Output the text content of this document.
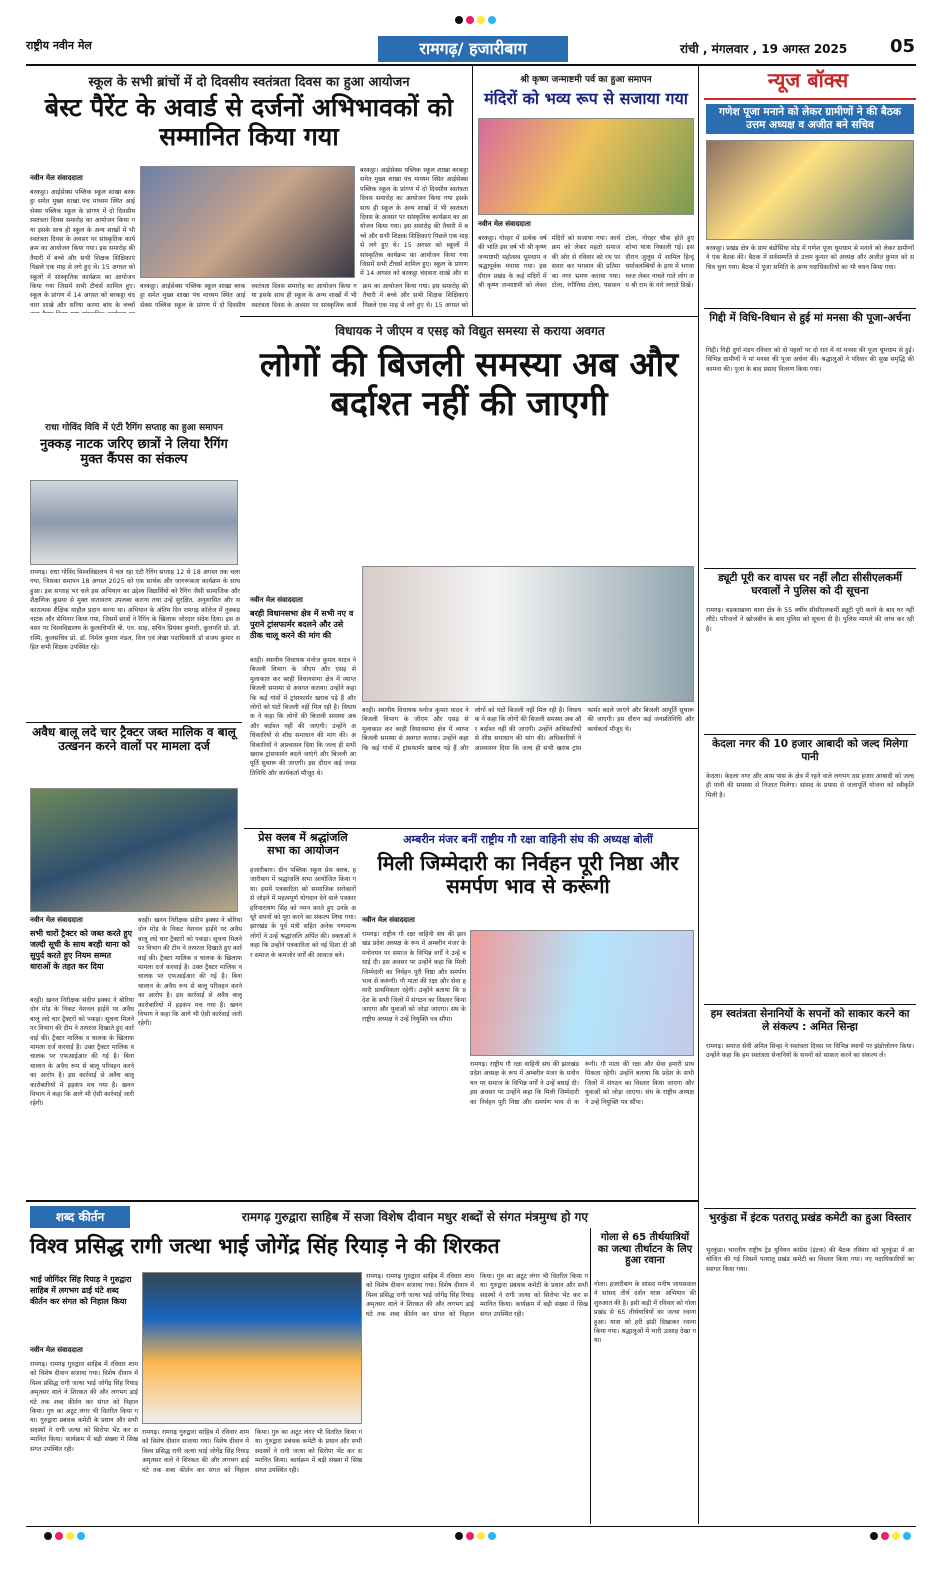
राष्ट्रीय नवीन मेल	रामगढ़/ हजारीबाग	रांची , मंगलवार , 19 अगस्त 2025 05
स्कूल के सभी ब्रांचों में दो दिवसीय स्वतंत्रता दिवस का हुआ आयोजन
बेस्ट पैरेंट के अवार्ड से दर्जनों अभिभावकों को सम्मानित किया गया
नवीन मेल संवाददाता
बरकट्ठा। आईसेक्स पब्लिक स्कूल शाखा बरकट्ठा समेत मुख्य शाखा पंच माध्यम स्थित आईसेक्स पब्लिक स्कूल के प्रांगण में दो दिवसीय स्वतंत्रता दिवस समारोह का आयोजन किया गया इसके साथ ही स्कूल के अन्य शाखों में भी स्वतंत्रता दिवस के अवसर पर सांस्कृतिक कार्यक्रम का आयोजन किया गया। इस समारोह की तैयारी में बच्चे और सभी शिक्षक शिक्षिकाएं पिछले एक माह से लगे हुए थे। 15 अगस्त को स्कूलों में सांस्कृतिक कार्यक्रम का आयोजन किया गया जिसमें सभी टीचर्स शामिल हुए। स्कूल के प्रांगण में 14 अगस्त को बरकट्ठा चंदवारा शाखे और सरिया करमा बांध के बच्चों
बरकट्ठा। आईसेक्स पब्लिक स्कूल शाखा बरकट्ठा समेत मुख्य शाखा पंच माध्यम स्थित आईसेक्स पब्लिक स्कूल के प्रांगण में दो दिवसीय स्वतंत्रता दिवस समारोह का आयोजन किया गया इसके साथ ही स्कूल के अन्य शाखों में भी स्वतंत्रता दिवस के अवसर पर सांस्कृतिक कार्यक्रम का आयोजन किया गया। इस समारोह की तैयारी में बच्चे और सभी शिक्षक शिक्षिकाएं पिछले एक माह से लगे हुए थे। 15 अगस्त को
बरकट्ठा। आईसेक्स पब्लिक स्कूल शाखा बरकट्ठा समेत मुख्य शाखा पंच माध्यम स्थित आईसेक्स पब्लिक स्कूल के प्रांगण में दो दिवसीय स्वतंत्रता दिवस समारोह का आयोजन किया गया इसके साथ ही स्कूल के अन्य शाखों में भी स्वतंत्रता दिवस के अवसर पर सांस्कृतिक कार्यक्रम का आयोजन किया गया। इस समारोह की तैयारी में बच्चे और सभी शिक्षक शिक्षिकाएं पिछले एक माह से लगे हुए थे। 15 अगस्त को स्कूलों में सांस्कृतिक कार्यक्रम का आयोजन किया गया जिसमें सभी टीचर्स शामिल हुए। स्कूल के प्रांगण में 14 अगस्त को बरकट्ठा चंदवारा शाखे और स
श्री कृष्ण जन्माष्टमी पर्व का हुआ समापन
मंदिरों को भव्य रूप से सजाया गया
नवीन मेल संवाददाता
बरकट्ठा। गोरहर में प्रत्येक वर्ष की भांति इस वर्ष भी श्री कृष्ण जन्माष्टमी महोत्सव धूमधाम व श्रद्धापूर्वक मनाया गया। इस दौरान प्रखंड के कई मंदिरों में श्री कृष्ण जन्माष्टमी को लेकर मंदिरों को सजाया गया। कार्यक्रम को लेकर महतो समाज की ओर से रविवार को रथ पर सवार कर भगवान की प्रतिमा का नगर भ्रमण कराया गया। टोला, रंगीनिया टोला, पसवान टोला, गोरहर चौक होते हुए शोभा यात्रा निकाली गई। इस दौरान जुलूस में शामिल हिन्दू धर्मावलम्बियों के हाथ में भगवा ध्वज लेकर नाचते गाते लोग जय श्री राम के नारे लगाते दिखे।
विधायक ने जीएम व एसइ को विद्युत समस्या से कराया अवगत
लोगों की बिजली समस्या अब और बर्दाश्त नहीं की जाएगी
राधा गोविंद विवि में एंटी रैगिंग सप्ताह का हुआ समापन
नुक्कड़ नाटक जरिए छात्रों ने लिया रैगिंग मुक्त कैंपस का संकल्प
रामगढ़। राधा गोविंद विश्वविद्यालय में चल रहा एंटी रैगिंग सप्ताह 12 से 18 अगस्त तक चला गया, जिसका समापन 18 अगस्त 2025 को एक सार्थक और जागरूकता कार्यक्रम के साथ हुआ। इस सप्ताह भर चले इस अभियान का उद्देश्य विद्यार्थियों को रैगिंग जैसी सामाजिक और शैक्षणिक कुप्रथा से मुक्त वातावरण उपलब्ध कराना तथा उन्हें सुरक्षित, अनुशासित और सकारात्मक शैक्षिक माहौल प्रदान करना था। अभियान के अंतिम दिन रामगढ़ कॉलेज में नुक्कड़ नाटक और सेमिनार किया गया, जिसमें छात्रों ने रैगिंग के खिलाफ जोरदार संदेश दिया। इस अवसर पर विश्वविद्यालय के कुलाधिपति बी. एन. साह, सचिव प्रियंका कुमारी, कुलपति प्रो. डॉ. रश्मि, कुलसचिव प्रो. डॉ. निर्मल कुमार मंडल, वित्त एवं लेखा पदाधिकारी डॉ संजय कुमार सहित सभी शिक्षक उपस्थित रहे।
नवीन मेल संवाददाता
बरही विधानसभा क्षेत्र में सभी नए व पुराने ट्रांसफार्मर बदलने और उसे ठीक चालू करने की मांग की
बरही। स्थानीय विधायक मनोज कुमार यादव ने बिजली विभाग के जीएम और एसइ से मुलाकात कर बरही विधानसभा क्षेत्र में व्याप्त बिजली समस्या से अवगत कराया। उन्होंने कहा कि कई गांवों में ट्रांसफार्मर खराब पड़े हैं और लोगों को घंटों बिजली नहीं मिल रही है। विधायक ने कहा कि लोगों की बिजली समस्या अब और बर्दाश्त नहीं की जाएगी। उन्होंने अधिकारियों से शीघ्र समाधान की मांग की। अधिकारियों ने आश्वासन दिया कि जल्द ही सभी खराब ट्रांसफार्मर बदले जाएंगे और बिजली आपूर्ति सुचारू की जाएगी। इस दौरान कई जनप्रतिनिधि और कार्यकर्ता मौजूद थे।
बरही। स्थानीय विधायक मनोज कुमार यादव ने बिजली विभाग के जीएम और एसइ से मुलाकात कर बरही विधानसभा क्षेत्र में व्याप्त बिजली समस्या से अवगत कराया। उन्होंने कहा कि कई गांवों में ट्रांसफार्मर खराब पड़े हैं और लोगों को घंटों बिजली नहीं मिल रही है। विधायक ने कहा कि लोगों की बिजली समस्या अब और बर्दाश्त नहीं की जाएगी। उन्होंने अधिकारियों से शीघ्र समाधान की मांग की। अधिकारियों ने आश्वासन दिया कि जल्द ही सभी खराब ट्रांसफार्मर बदले जाएंगे और बिजली आपूर्ति सुचारू की जाएगी। इस दौरान कई जनप्रतिनिधि और कार्यकर्ता मौजूद थे।
अवैध बालू लदे चार ट्रैक्टर जब्त मालिक व बालू उत्खनन करने वालों पर मामला दर्ज
नवीन मेल संवाददाता
सभी चारों ट्रैक्टर को जब्त करते हुए जल्दी सूची के साथ बरही थाना को सुपुर्द करते हुए नियम सम्मत धाराओं के तहत कर दिया
बरही। खनन निरीक्षक संदीप इक्का ने बोरिया दोन मोड़ के निकट नेशनल हाईवे पर अवैध बालू लदे चार ट्रैक्टरों को पकड़ा। सूचना मिलने पर विभाग की टीम ने तत्परता दिखाते हुए कार्रवाई की। ट्रैक्टर मालिक व चालक के खिलाफ मामला दर्ज करवाई है। उक्त ट्रैक्टर मालिक व चालक पर एफआईआर की गई है। बिना चालान के अवैध रूप से बालू परिवहन करने का आरोप है। इस कार्रवाई से अवैध बालू कारोबारियों में हड़कंप मच गया है। खनन विभाग ने कहा कि आगे भी ऐसी कार्रवाई जारी रहेगी।
बरही। खनन निरीक्षक संदीप इक्का ने बोरिया दोन मोड़ के निकट नेशनल हाईवे पर अवैध बालू लदे चार ट्रैक्टरों को पकड़ा। सूचना मिलने पर विभाग की टीम ने तत्परता दिखाते हुए कार्रवाई की। ट्रैक्टर मालिक व चालक के खिलाफ मामला दर्ज करवाई है। उक्त ट्रैक्टर मालिक व चालक पर एफआईआर की गई है। बिना चालान के अवैध रूप से बालू परिवहन करने का आरोप है। इस कार्रवाई से अवैध बालू कारोबारियों में हड़कंप मच गया है। खनन विभाग ने कहा कि आगे भी ऐसी कार्रवाई जारी रहेगी।
प्रेस क्लब में श्रद्धांजलि सभा का आयोजन
हजारीबाग। ग्रीन पब्लिक स्कूल प्रेस क्लब, हजारीबाग में श्रद्धांजलि सभा आयोजित किया गया। इसमें पत्रकारिता को सामाजिक सरोकारों से जोड़ने में महत्वपूर्ण योगदान देने वाले पत्रकार हरिनारायण सिंह को नमन करते हुए उनके अधूरे सपनों को पूरा करने का संकल्प लिया गया। झारखंड के पूर्व मंत्री सहित अनेक गणमान्य लोगों ने उन्हें श्रद्धांजलि अर्पित की। वक्ताओं ने कहा कि उन्होंने पत्रकारिता को नई दिशा दी और समाज के कमजोर वर्गों की आवाज बने।
अम्बरीन मंजर बनीं राष्ट्रीय गौ रक्षा वाहिनी संघ की अध्यक्ष बोलीं
मिली जिम्मेदारी का निर्वहन पूरी निष्ठा और समर्पण भाव से करूंगी
नवीन मेल संवाददाता
रामगढ़। राष्ट्रीय गौ रक्षा वाहिनी संघ की झारखंड प्रदेश अध्यक्ष के रूप में अम्बरीन मंजर के मनोनयन पर समाज के विभिन्न वर्गों ने उन्हें बधाई दी। इस अवसर पर उन्होंने कहा कि मिली जिम्मेदारी का निर्वहन पूरी निष्ठा और समर्पण भाव से करूंगी। गौ माता की रक्षा और सेवा हमारी प्राथमिकता रहेगी। उन्होंने बताया कि प्रदेश के सभी जिलों में संगठन का विस्तार किया जाएगा और युवाओं को जोड़ा जाएगा। संघ के राष्ट्रीय अध्यक्ष ने उन्हें नियुक्ति पत्र सौंपा।
रामगढ़। राष्ट्रीय गौ रक्षा वाहिनी संघ की झारखंड प्रदेश अध्यक्ष के रूप में अम्बरीन मंजर के मनोनयन पर समाज के विभिन्न वर्गों ने उन्हें बधाई दी। इस अवसर पर उन्होंने कहा कि मिली जिम्मेदारी का निर्वहन पूरी निष्ठा और समर्पण भाव से करूंगी। गौ माता की रक्षा और सेवा हमारी प्राथमिकता रहेगी। उन्होंने बताया कि प्रदेश के सभी जिलों में संगठन का विस्तार किया जाएगा और युवाओं को जोड़ा जाएगा। संघ के राष्ट्रीय अध्यक्ष ने उन्हें नियुक्ति पत्र सौंपा।
शब्द कीर्तन	रामगढ़ गुरुद्वारा साहिब में सजा विशेष दीवान मधुर शब्दों से संगत मंत्रमुग्ध हो गए
विश्व प्रसिद्ध रागी जत्था भाई जोगेंद्र सिंह रियाड़ ने की शिरकत
भाई जोगिंदर सिंह रियाड़ ने गुरुद्वारा साहिब में लगभग ढाई घंटे शब्द कीर्तन कर संगत को निहाल किया
नवीन मेल संवाददाता
रामगढ़। रामगढ़ गुरुद्वारा साहिब में रविवार शाम को विशेष दीवान सजाया गया। विशेष दीवान में विश्व प्रसिद्ध रागी जत्था भाई जोगेंद्र सिंह रियाड़ अमृतसर वाले ने शिरकत की और लगभग ढाई घंटे तक शब्द कीर्तन कर संगत को निहाल किया। गुरु का अटूट लंगर भी वितरित किया गया। गुरुद्वारा प्रबंधक कमेटी के प्रधान और सभी सदस्यों ने रागी जत्था को सिरोपा भेंट कर सम्मानित किया। कार्यक्रम में बड़ी संख्या में सिख संगत उपस्थित रही।
रामगढ़। रामगढ़ गुरुद्वारा साहिब में रविवार शाम को विशेष दीवान सजाया गया। विशेष दीवान में विश्व प्रसिद्ध रागी जत्था भाई जोगेंद्र सिंह रियाड़ अमृतसर वाले ने शिरकत की और लगभग ढाई घंटे तक शब्द कीर्तन कर संगत को निहाल किया। गुरु का अटूट लंगर भी वितरित किया गया। गुरुद्वारा प्रबंधक कमेटी के प्रधान और सभी सदस्यों ने रागी जत्था को सिरोपा भेंट कर सम्मानित किया। कार्यक्रम में बड़ी संख्या में सिख संगत उपस्थित रही।
रामगढ़। रामगढ़ गुरुद्वारा साहिब में रविवार शाम को विशेष दीवान सजाया गया। विशेष दीवान में विश्व प्रसिद्ध रागी जत्था भाई जोगेंद्र सिंह रियाड़ अमृतसर वाले ने शिरकत की और लगभग ढाई घंटे तक शब्द कीर्तन कर संगत को निहाल किया। गुरु का अटूट लंगर भी वितरित किया गया। गुरुद्वारा प्रबंधक कमेटी के प्रधान और सभी सदस्यों ने रागी जत्था को सिरोपा भेंट कर सम्मानित किया। कार्यक्रम में बड़ी संख्या में सिख संगत उपस्थित रही।
गोला से 65 तीर्थयात्रियों का जत्था तीर्थाटन के लिए हुआ रवाना
गोला। हजारीबाग के सांसद मनीष जायसवाल ने सांसद तीर्थ दर्शन यात्रा अभियान की शुरुआत की है। इसी कड़ी में रविवार को गोला प्रखंड से 65 तीर्थयात्रियों का जत्था रवाना हुआ। यात्रा को हरी झंडी दिखाकर रवाना किया गया। श्रद्धालुओं में भारी उत्साह देखा गया।
न्यूज बॉक्स
गणेश पूजा मनाने को लेकर ग्रामीणों ने की बैठक उत्तम अध्यक्ष व अजीत बने सचिव
बरकट्ठा। प्रखंड क्षेत्र के ग्राम बंडोसिंघा मोड़ में गणेश पूजा धूमधाम से मनाने को लेकर ग्रामीणों ने एक बैठक की। बैठक में सर्वसम्मति से उत्तम कुमार को अध्यक्ष और अजीत कुमार को सचिव चुना गया। बैठक में पूजा समिति के अन्य पदाधिकारियों का भी चयन किया गया।
गिद्दी में विधि-विधान से हुई मां मनसा की पूजा-अर्चना
गिद्दी। गिद्दी दुर्गा मंडप रविवार को दो पहलों पर दो रात में मां मनसा की पूजा धूमधाम से हुई। विभिन्न ग्रामीणों ने मां मनसा की पूजा अर्चना की। श्रद्धालुओं ने परिवार की सुख समृद्धि की कामना की। पूजा के बाद प्रसाद वितरण किया गया।
ड्यूटी पूरी कर वापस घर नहीं लौटा सीसीएलकर्मी घरवालों ने पुलिस को दी सूचना
रामगढ़। बड़काखाना थाना क्षेत्र के 55 वर्षीय सीसीएलकर्मी ड्यूटी पूरी करने के बाद घर नहीं लौटे। परिजनों ने खोजबीन के बाद पुलिस को सूचना दी है। पुलिस मामले की जांच कर रही है।
केदला नगर की 10 हजार आबादी को जल्द मिलेगा पानी
केदला। केदला नगर और आस पास के क्षेत्र में रहने वाले लगभग दस हजार आबादी को जल्द ही पानी की समस्या से निजात मिलेगा। सांसद के प्रयास से जलापूर्ति योजना को स्वीकृति मिली है।
हम स्वतंत्रता सेनानियों के सपनों को साकार करने का ले संकल्प : अमित सिन्हा
रामगढ़। समाज सेवी अमित सिन्हा ने स्वतंत्रता दिवस पर विभिन्न स्थानों पर झंडोत्तोलन किया। उन्होंने कहा कि हम स्वतंत्रता सेनानियों के सपनों को साकार करने का संकल्प लें।
भुरकुंडा में इंटक पतरातू प्रखंड कमेटी का हुआ विस्तार
भुरकुंडा। भारतीय राष्ट्रीय ट्रेड यूनियन कांग्रेस (इंटक) की बैठक रविवार को भुरकुंडा में आयोजित की गई जिसमें पतरातू प्रखंड कमेटी का विस्तार किया गया। नए पदाधिकारियों का स्वागत किया गया।
